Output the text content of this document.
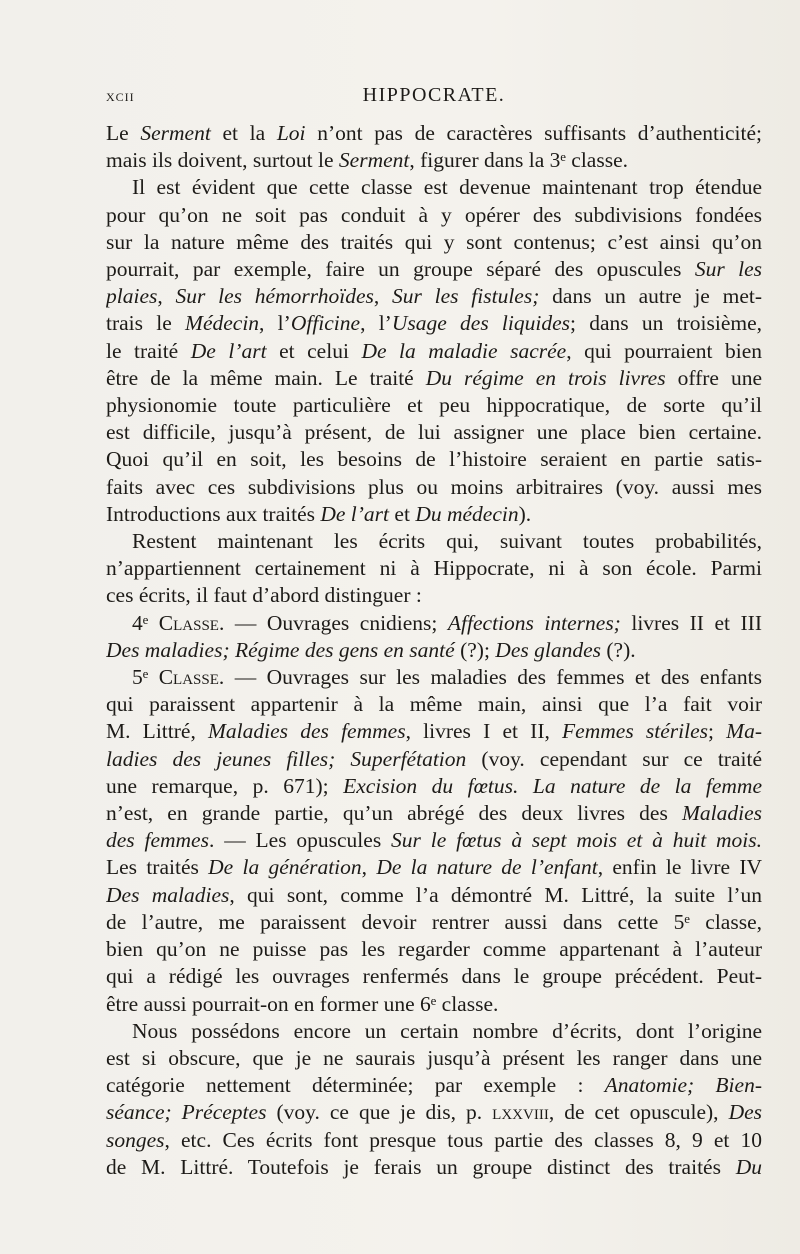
xcii	HIPPOCRATE.
Le Serment et la Loi n’ont pas de caractères suffisants d’authenticité;
mais ils doivent, surtout le Serment, figurer dans la 3ᵉ classe.
Il est évident que cette classe est devenue maintenant trop étendue
pour qu’on ne soit pas conduit à y opérer des subdivisions fondées
sur la nature même des traités qui y sont contenus; c’est ainsi qu’on
pourrait, par exemple, faire un groupe séparé des opuscules Sur les
plaies, Sur les hémorrhoïdes, Sur les fistules; dans un autre je met-
trais le Médecin, l’Officine, l’Usage des liquides; dans un troisième,
le traité De l’art et celui De la maladie sacrée, qui pourraient bien
être de la même main. Le traité Du régime en trois livres offre une
physionomie toute particulière et peu hippocratique, de sorte qu’il
est difficile, jusqu’à présent, de lui assigner une place bien certaine.
Quoi qu’il en soit, les besoins de l’histoire seraient en partie satis-
faits avec ces subdivisions plus ou moins arbitraires (voy. aussi mes
Introductions aux traités De l’art et Du médecin).
Restent maintenant les écrits qui, suivant toutes probabilités,
n’appartiennent certainement ni à Hippocrate, ni à son école. Parmi
ces écrits, il faut d’abord distinguer :
4ᵉ Classe. — Ouvrages cnidiens; Affections internes; livres II et III
Des maladies; Régime des gens en santé (?); Des glandes (?).
5ᵉ Classe. — Ouvrages sur les maladies des femmes et des enfants
qui paraissent appartenir à la même main, ainsi que l’a fait voir
M. Littré, Maladies des femmes, livres I et II, Femmes stériles; Ma-
ladies des jeunes filles; Superfétation (voy. cependant sur ce traité
une remarque, p. 671); Excision du fœtus. La nature de la femme
n’est, en grande partie, qu’un abrégé des deux livres des Maladies
des femmes. — Les opuscules Sur le fœtus à sept mois et à huit mois.
Les traités De la génération, De la nature de l’enfant, enfin le livre IV
Des maladies, qui sont, comme l’a démontré M. Littré, la suite l’un
de l’autre, me paraissent devoir rentrer aussi dans cette 5ᵉ classe,
bien qu’on ne puisse pas les regarder comme appartenant à l’auteur
qui a rédigé les ouvrages renfermés dans le groupe précédent. Peut-
être aussi pourrait-on en former une 6ᵉ classe.
Nous possédons encore un certain nombre d’écrits, dont l’origine
est si obscure, que je ne saurais jusqu’à présent les ranger dans une
catégorie nettement déterminée; par exemple : Anatomie; Bien-
séance; Préceptes (voy. ce que je dis, p. lxxviii, de cet opuscule), Des
songes, etc. Ces écrits font presque tous partie des classes 8, 9 et 10
de M. Littré. Toutefois je ferais un groupe distinct des traités Du
